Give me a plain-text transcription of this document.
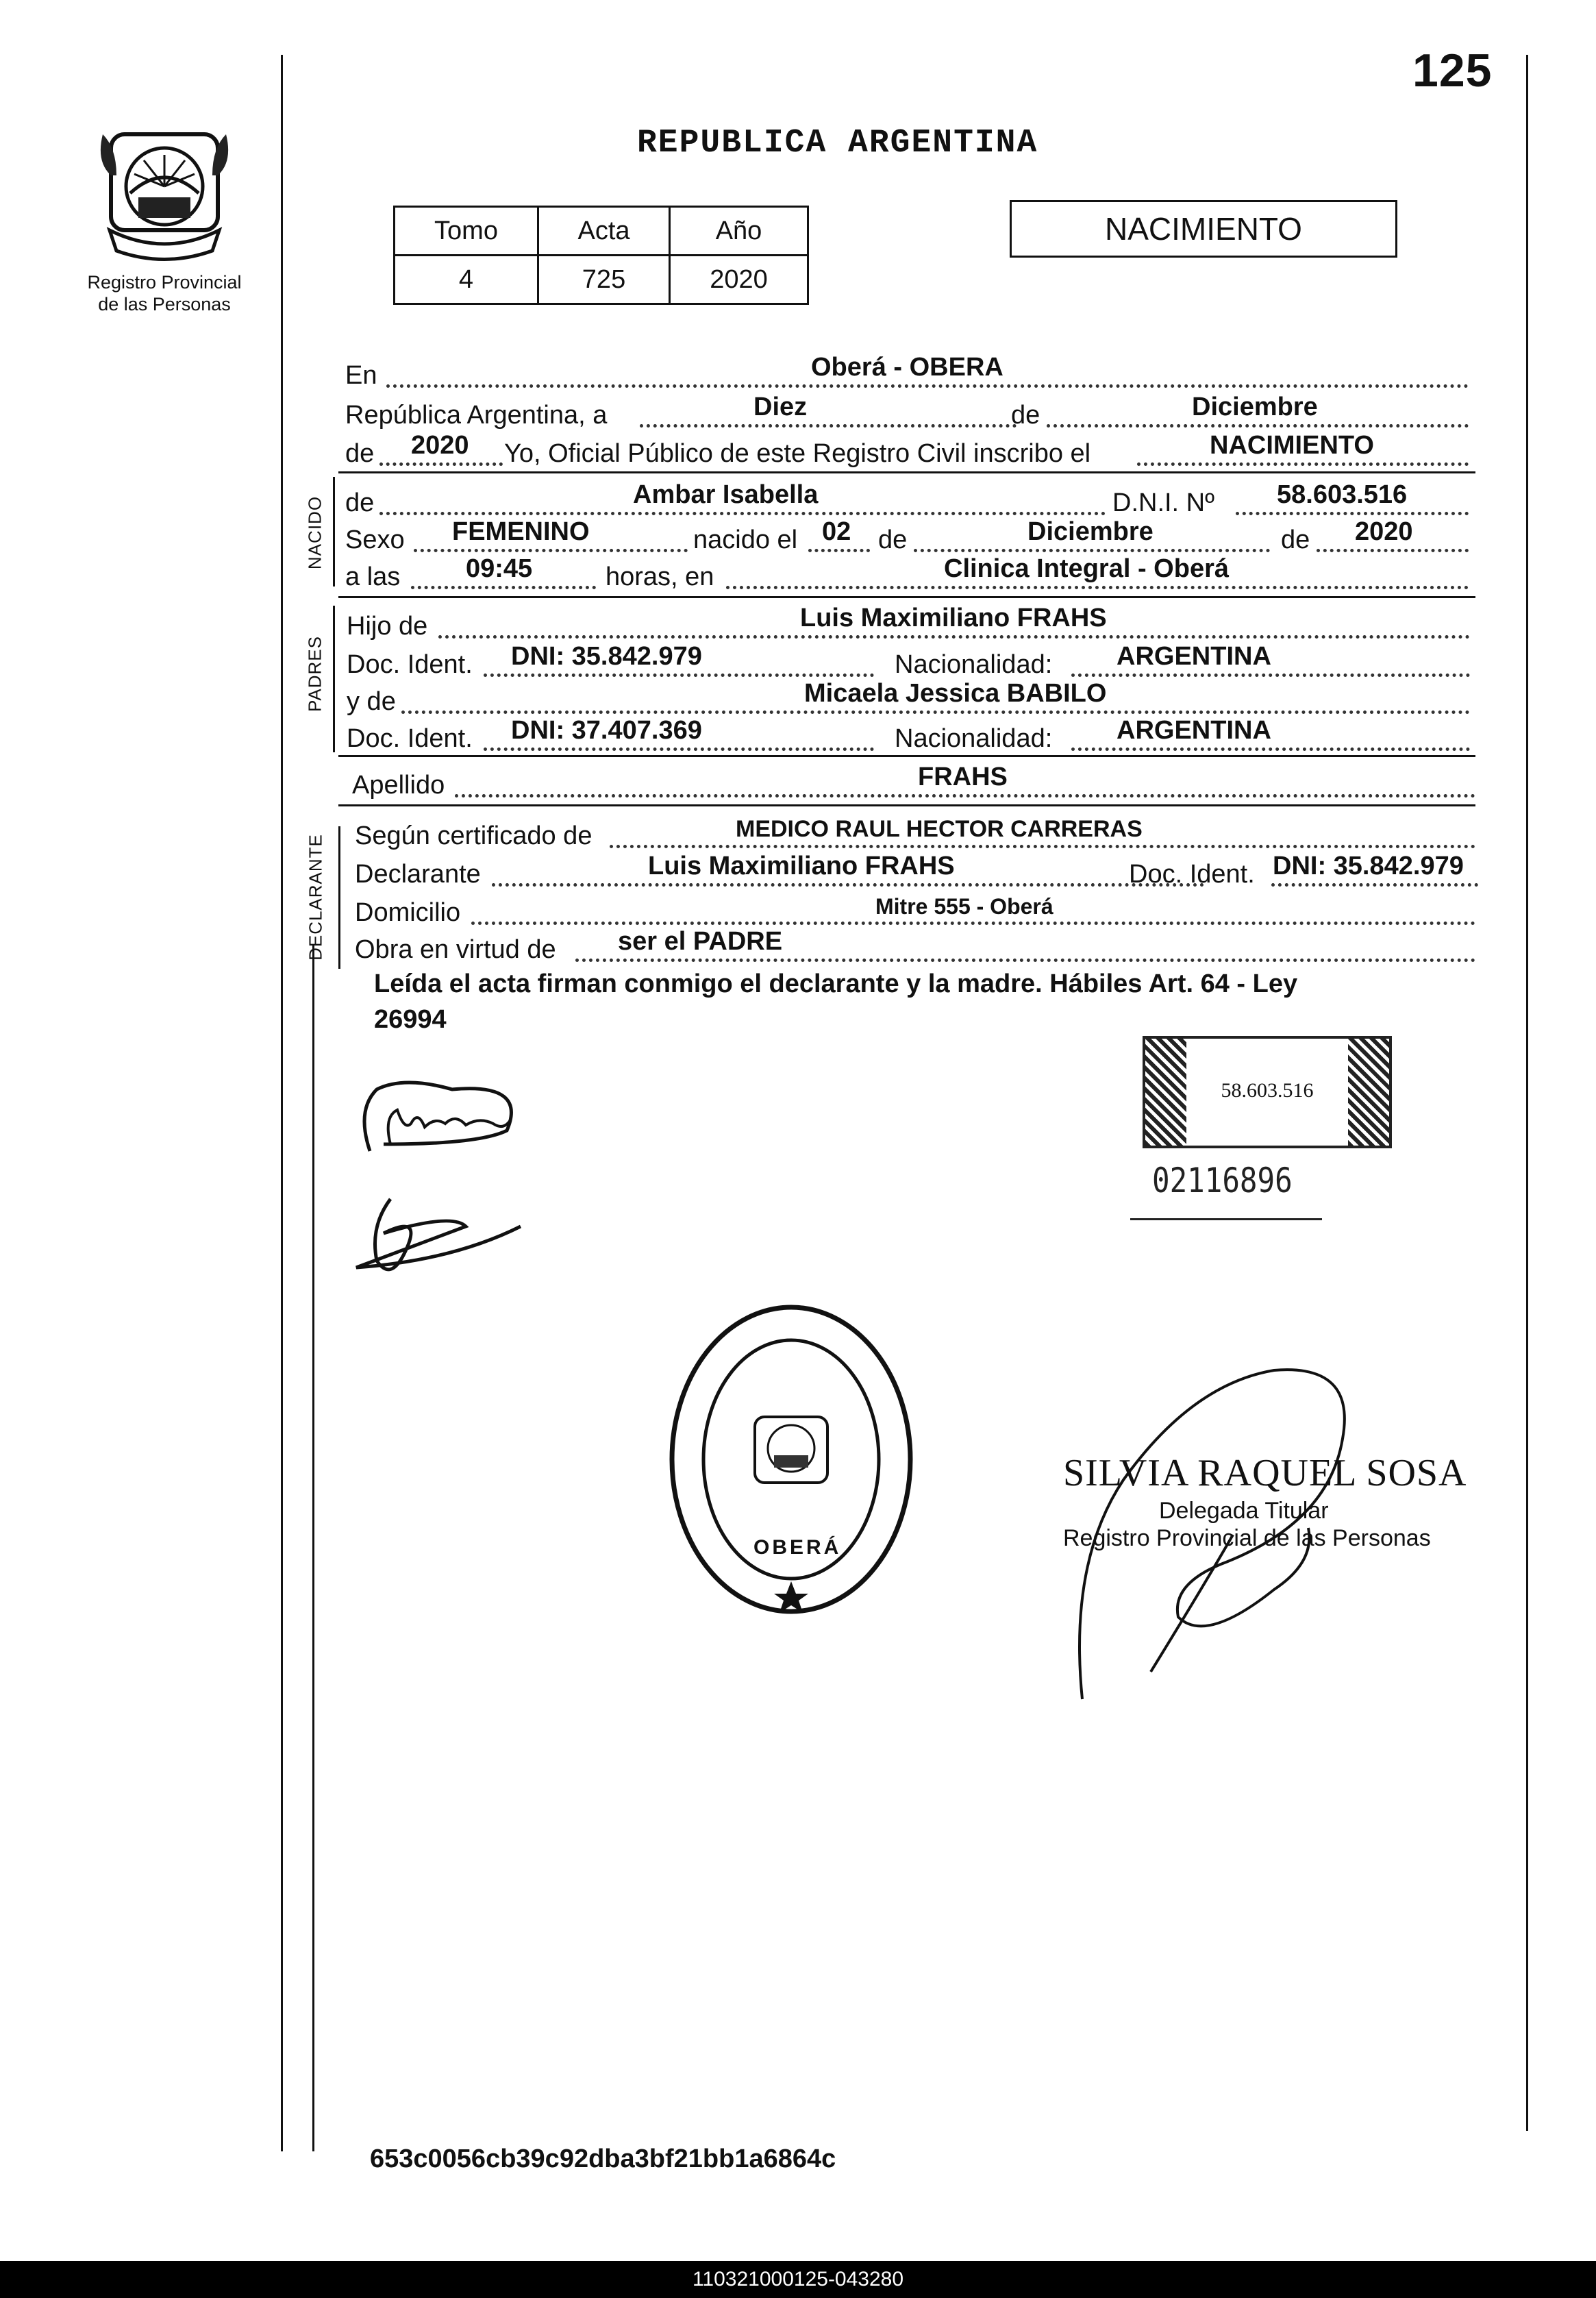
125
Registro Provincial
de las Personas
REPUBLICA ARGENTINA
Tomo	Acta	Año
4	725	2020
NACIMIENTO
En	Oberá - OBERA
República Argentina, a	Diez	de	Diciembre
de 2020 Yo, Oficial Público de este Registro Civil inscribo el	NACIMIENTO
NACIDO de	Ambar Isabella	D.N.I. Nº 58.603.516
Sexo FEMENINO	nacido el 02 de	Diciembre	de 2020
a las	09:45	horas, en	Clinica Integral - Oberá
PADRES
Hijo de	Luis Maximiliano FRAHS
Doc. Ident. DNI: 35.842.979	Nacionalidad: ARGENTINA
y de	Micaela Jessica BABILO
Doc. Ident. DNI: 37.407.369	Nacionalidad: ARGENTINA
Apellido	FRAHS
DECLARANTE Según certificado de	MEDICO RAUL HECTOR CARRERAS
Declarante	Luis Maximiliano FRAHS	Doc. Ident. DNI: 35.842.979
Domicilio	Mitre 555 - Oberá
Obra en virtud de ser el PADRE
Leída el acta firman conmigo el declarante y la madre. Hábiles Art. 64 - Ley
26994
58.603.516
02116896
OBERÁ
SILVIA RAQUEL SOSA
Delegada Titular
Registro Provincial de las Personas
653c0056cb39c92dba3bf21bb1a6864c
110321000125-043280
